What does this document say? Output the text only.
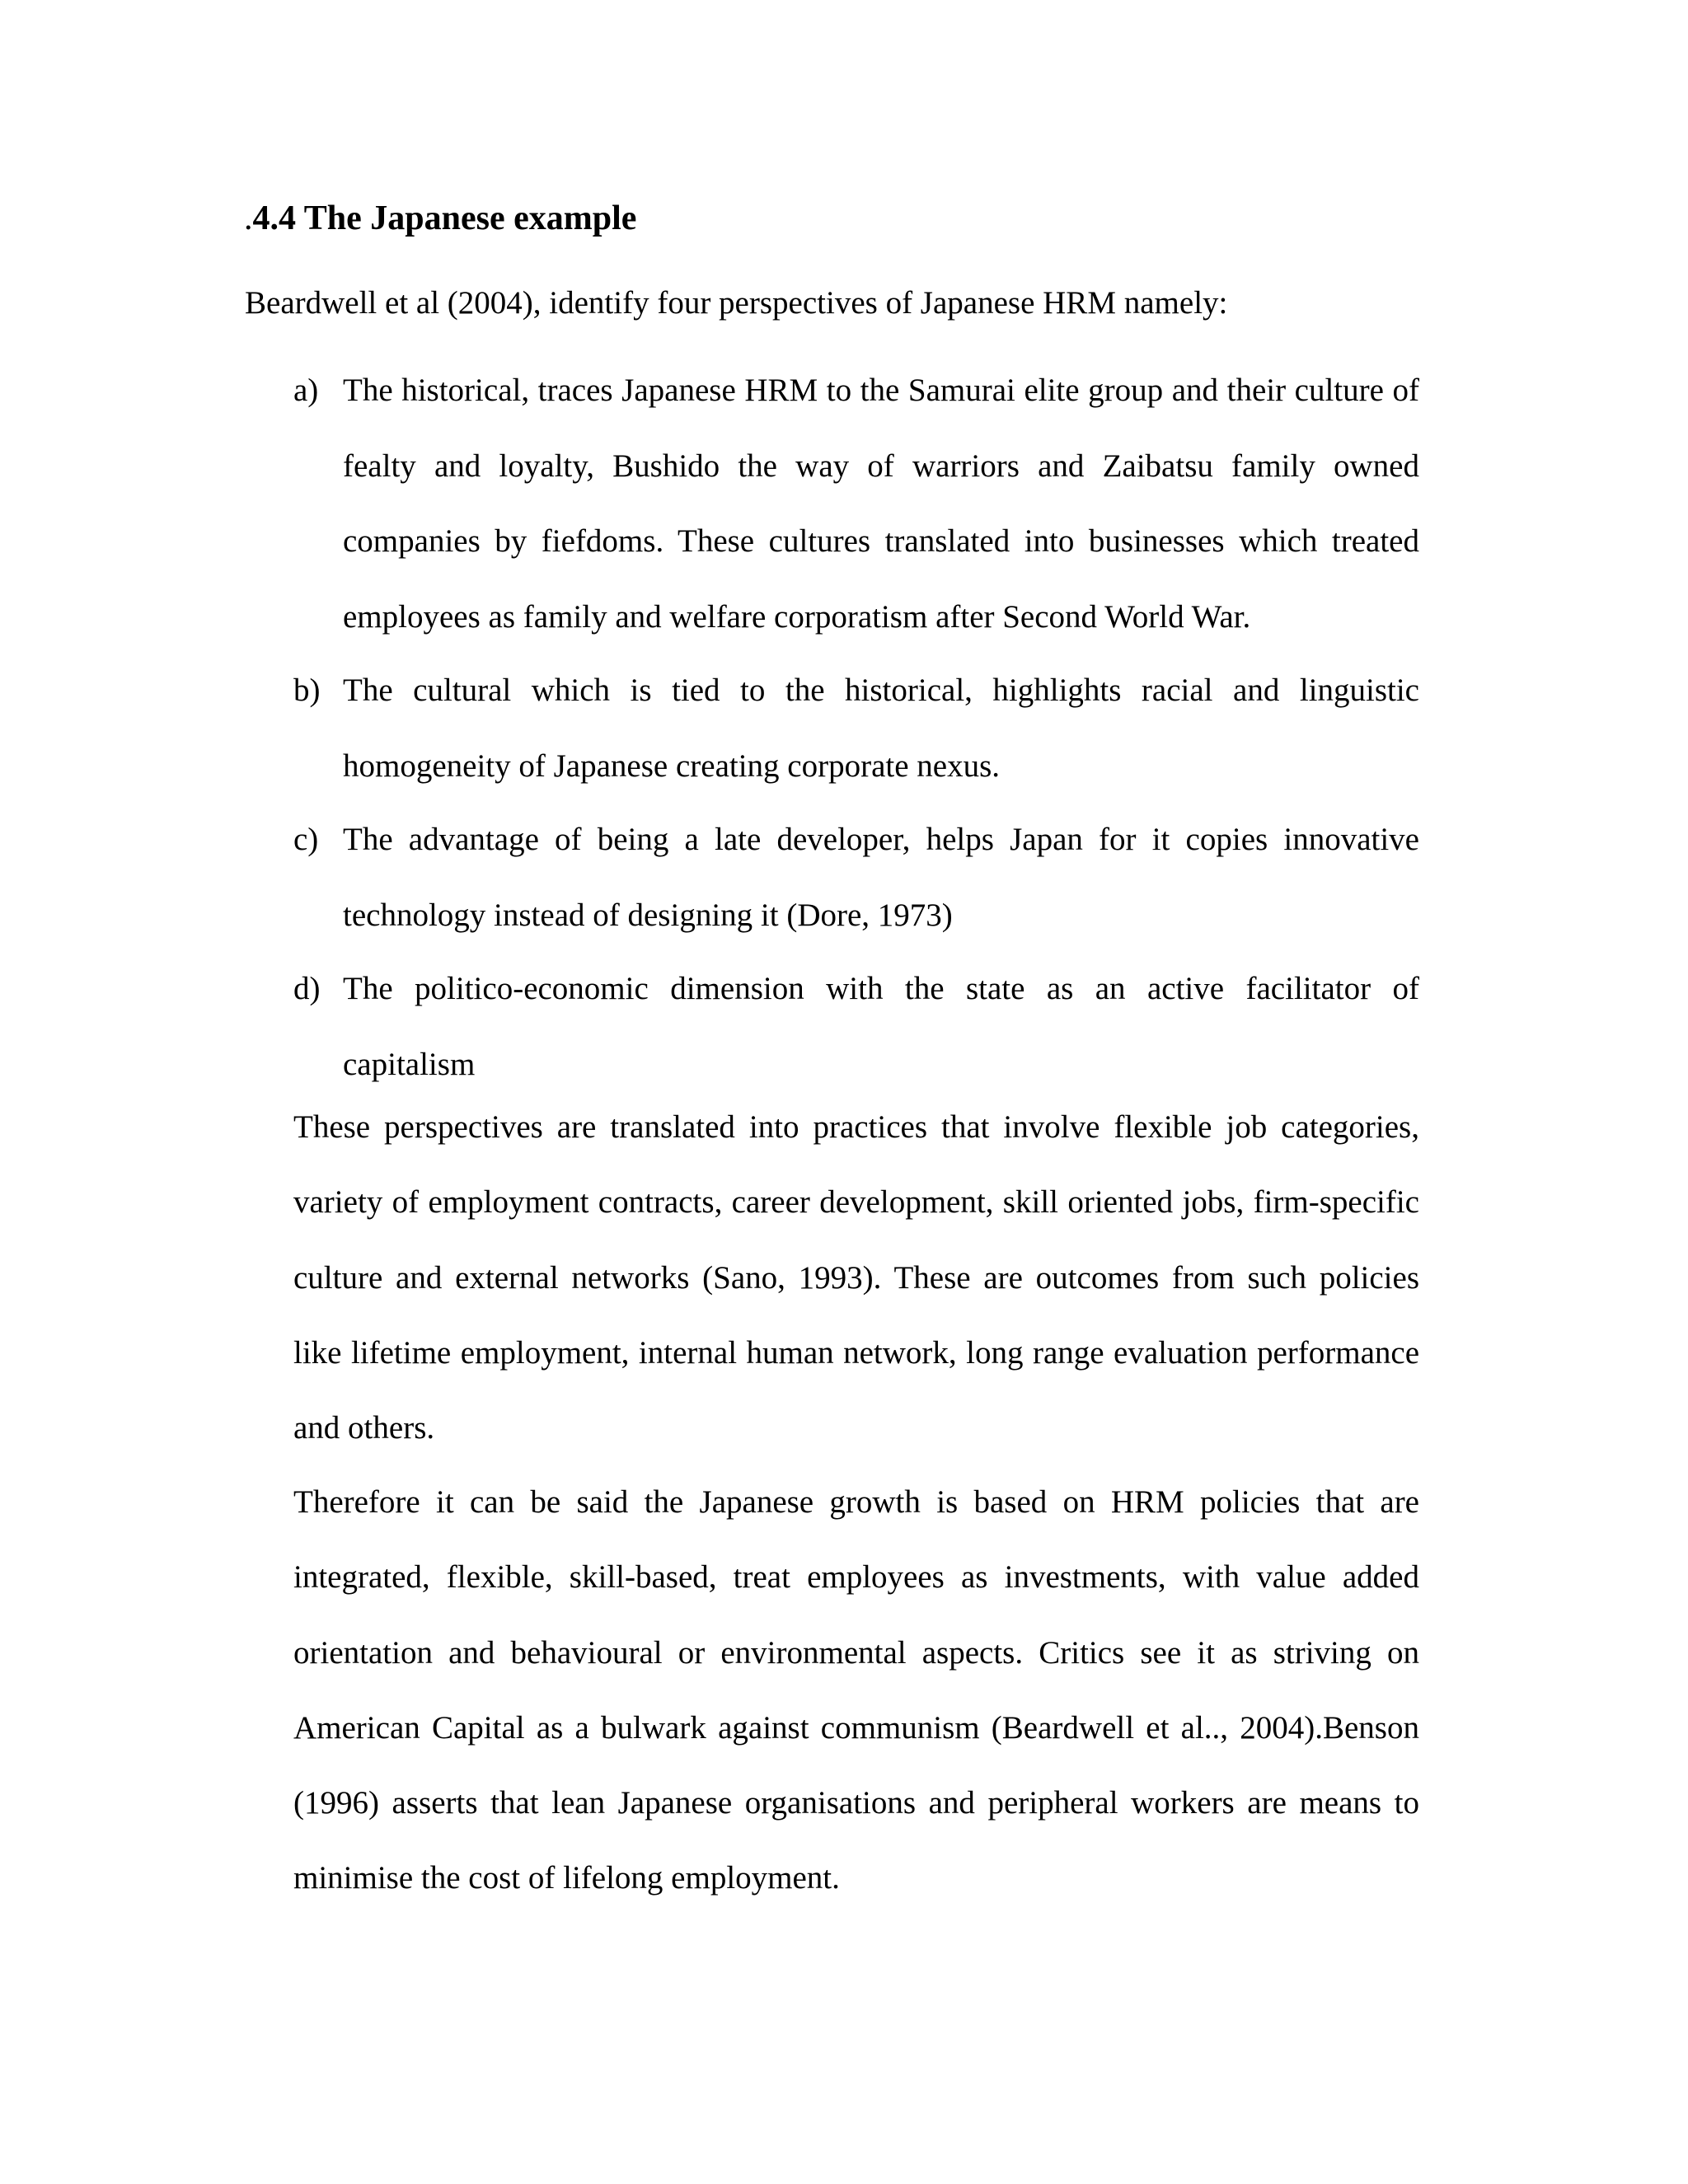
.4.4 The Japanese example

Beardwell et al (2004), identify four perspectives of Japanese HRM namely:

a) The historical, traces Japanese HRM to the Samurai elite group and their culture of fealty and loyalty, Bushido the way of warriors and Zaibatsu family owned companies by fiefdoms. These cultures translated into businesses which treated employees as family and welfare corporatism after Second World War.
b) The cultural which is tied to the historical, highlights racial and linguistic homogeneity of Japanese creating corporate nexus.
c) The advantage of being a late developer, helps Japan for it copies innovative technology instead of designing it (Dore, 1973)
d) The politico-economic dimension with the state as an active facilitator of capitalism

These perspectives are translated into practices that involve flexible job categories, variety of employment contracts, career development, skill oriented jobs, firm-specific culture and external networks (Sano, 1993). These are outcomes from such policies like lifetime employment, internal human network, long range evaluation performance and others.

Therefore it can be said the Japanese growth is based on HRM policies that are integrated, flexible, skill-based, treat employees as investments, with value added orientation and behavioural or environmental aspects. Critics see it as striving on American Capital as a bulwark against communism (Beardwell et al.., 2004).Benson (1996) asserts that lean Japanese organisations and peripheral workers are means to minimise the cost of lifelong employment.
